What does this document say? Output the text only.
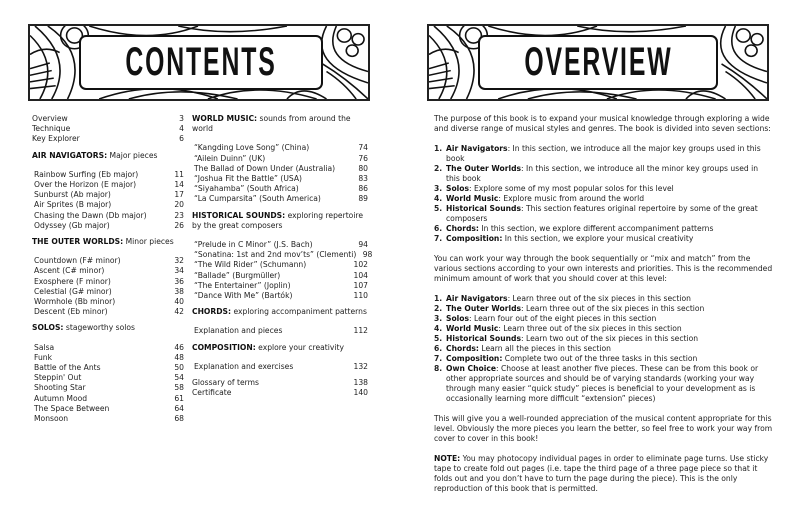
CONTENTS
Overview	3
Technique	4
Key Explorer	6
AIR NAVIGATORS: Major pieces
Rainbow Surfing (Eb major)	11
Over the Horizon (E major)	14
Sunburst (Ab major)	17
Air Sprites (B major)	20
Chasing the Dawn (Db major)	23
Odyssey (Gb major)	26
THE OUTER WORLDS: Minor pieces
Countdown (F# minor)	32
Ascent (C# minor)	34
Exosphere (F minor)	36
Celestial (G# minor)	38
Wormhole (Bb minor)	40
Descent (Eb minor)	42
SOLOS: stageworthy solos
Salsa	46
Funk	48
Battle of the Ants	50
Steppin' Out	54
Shooting Star	58
Autumn Mood	61
The Space Between	64
Monsoon	68
WORLD MUSIC: sounds from around the world
“Kangding Love Song” (China)	74
“Ailein Duinn” (UK)	76
The Ballad of Down Under (Australia)	80
“Joshua Fit the Battle” (USA)	83
“Siyahamba” (South Africa)	86
“La Cumparsita” (South America)	89
HISTORICAL SOUNDS: exploring repertoire by the great composers
“Prelude in C Minor” (J.S. Bach)	94
“Sonatina: 1st and 2nd mov’ts” (Clementi) 98
“The Wild Rider” (Schumann)	102
“Ballade” (Burgmüller)	104
“The Entertainer” (Joplin)	107
“Dance With Me” (Bartók)	110
CHORDS: exploring accompaniment patterns
Explanation and pieces	112
COMPOSITION: explore your creativity
Explanation and exercises	132
Glossary of terms	138
Certificate	140
OVERVIEW

The purpose of this book is to expand your musical knowledge through exploring a wide and diverse range of musical styles and genres. The book is divided into seven sections:

1. Air Navigators: In this section, we introduce all the major key groups used in this book
2. The Outer Worlds: In this section, we introduce all the minor key groups used in this book
3. Solos: Explore some of my most popular solos for this level
4. World Music: Explore music from around the world
5. Historical Sounds: This section features original repertoire by some of the great composers
6. Chords: In this section, we explore different accompaniment patterns
7. Composition: In this section, we explore your musical creativity

You can work your way through the book sequentially or “mix and match” from the various sections according to your own interests and priorities. This is the recommended minimum amount of work that you should cover at this level:

1. Air Navigators: Learn three out of the six pieces in this section
2. The Outer Worlds: Learn three out of the six pieces in this section
3. Solos: Learn four out of the eight pieces in this section
4. World Music: Learn three out of the six pieces in this section
5. Historical Sounds: Learn two out of the six pieces in this section
6. Chords: Learn all the pieces in this section
7. Composition: Complete two out of the three tasks in this section
8. Own Choice: Choose at least another five pieces. These can be from this book or other appropriate sources and should be of varying standards (working your way through many easier “quick study” pieces is beneficial to your development as is occasionally learning more difficult “extension” pieces)

This will give you a well-rounded appreciation of the musical content appropriate for this level. Obviously the more pieces you learn the better, so feel free to work your way from cover to cover in this book!

NOTE: You may photocopy individual pages in order to eliminate page turns. Use sticky tape to create fold out pages (i.e. tape the third page of a three page piece so that it folds out and you don’t have to turn the page during the piece). This is the only reproduction of this book that is permitted.
